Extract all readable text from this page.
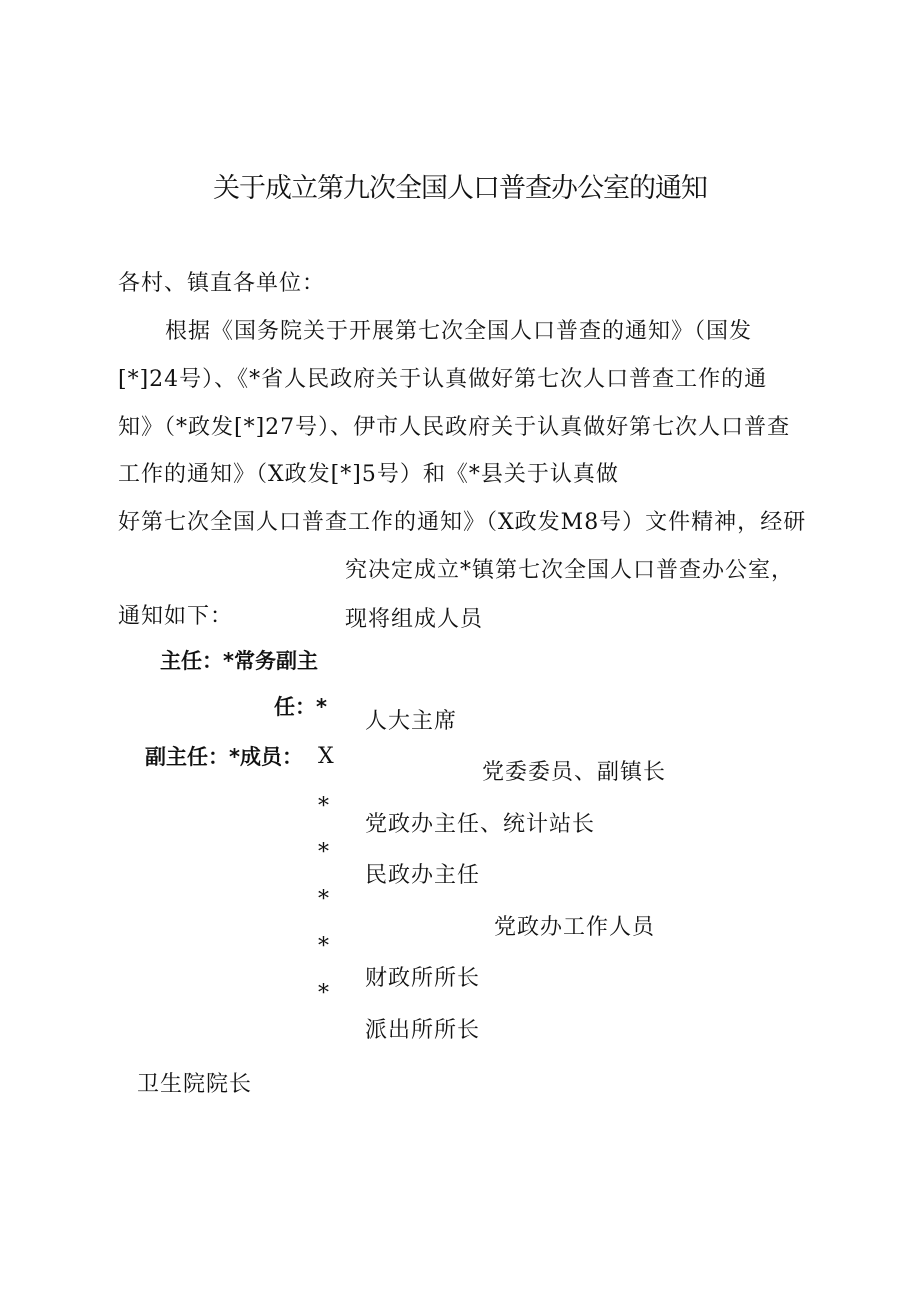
关于成立第九次全国人口普查办公室的通知
各村、镇直各单位：
根据《国务院关于开展第七次全国人口普查的通知》（国发
[*]24号）、《*省人民政府关于认真做好第七次人口普查工作的通
知》（*政发[*]27号）、伊市人民政府关于认真做好第七次人口普查
工作的通知》（X政发[*]5号）和《*县关于认真做
好第七次全国人口普查工作的通知》（X政发M8号）文件精神，经研
究决定成立*镇第七次全国人口普查办公室，
通知如下：	现将组成人员
主任：*常务副主
任：*
副主任：*成员： X
*
*
*
*
*
人大主席
党委委员、副镇长
党政办主任、统计站长
民政办主任
党政办工作人员
财政所所长
派出所所长
卫生院院长
